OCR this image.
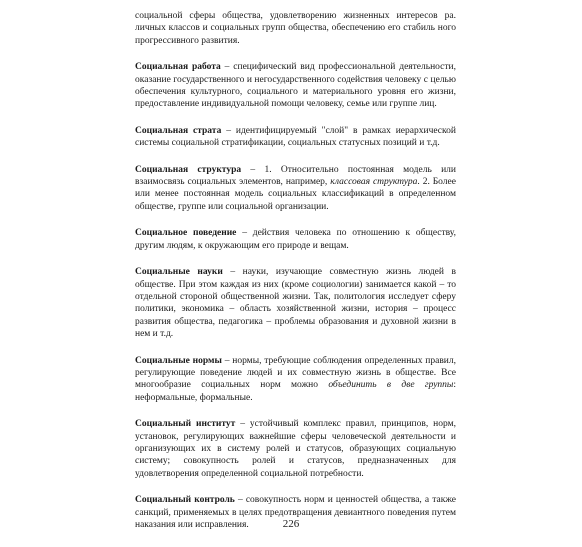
социальной сферы общества, удовлетворению жизненных интересов ра. личных классов и социальных групп общества, обеспечению его стабиль ного прогрессивного развития.

Социальная работа – специфический вид профессиональной деятельности, оказание государственного и негосударственного содействия человеку с целью обеспечения культурного, социального и материального уровня его жизни, предоставление индивидуальной помощи человеку, семье или группе лиц.

Социальная страта – идентифицируемый "слой" в рамках иерархической системы социальной стратификации, социальных статусных позиций и т.д.

Социальная структура – 1. Относительно постоянная модель или взаимосвязь социальных элементов, например, классовая структура. 2. Более или менее постоянная модель социальных классификаций в определенном обществе, группе или социальной организации.

Социальное поведение – действия человека по отношению к обществу, другим людям, к окружающим его природе и вещам.

Социальные науки – науки, изучающие совместную жизнь людей в обществе. При этом каждая из них (кроме социологии) занимается какой – то отдельной стороной общественной жизни. Так, политология исследует сферу политики, экономика – область хозяйственной жизни, история – процесс развития общества, педагогика – проблемы образования и духовной жизни в нем и т.д.

Социальные нормы – нормы, требующие соблюдения определенных правил, регулирующие поведение людей и их совместную жизнь в обществе. Все многообразие социальных норм можно объединить в две группы: неформальные, формальные.

Социальный институт – устойчивый комплекс правил, принципов, норм, установок, регулирующих важнейшие сферы человеческой деятельности и организующих их в систему ролей и статусов, образующих социальную систему; совокупность ролей и статусов, предназначенных для удовлетворения определенной социальной потребности.

Социальный контроль – совокупность норм и ценностей общества, а также санкций, применяемых в целях предотвращения девиантного поведения путем наказания или исправления.	226
